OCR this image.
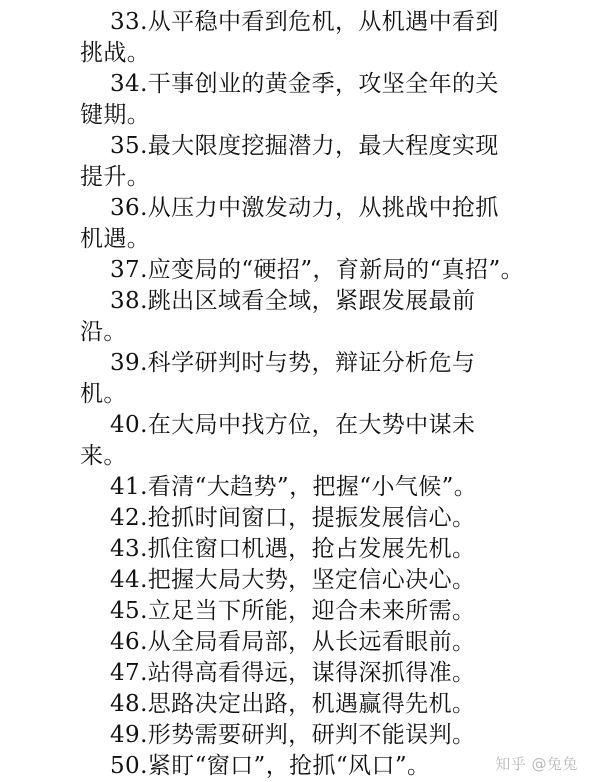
33.从平稳中看到危机，从机遇中看到
挑战。

34.干事创业的黄金季，攻坚全年的关
键期。

35.最大限度挖掘潜力，最大程度实现
提升。

36.从压力中激发动力，从挑战中抢抓
机遇。

37.应变局的“硬招”，育新局的“真招”。

38.跳出区域看全域，紧跟发展最前
沿。

39.科学研判时与势，辩证分析危与
机。

40.在大局中找方位，在大势中谋未
来。

41.看清“大趋势”，把握“小气候”。

42.抢抓时间窗口，提振发展信心。

43.抓住窗口机遇，抢占发展先机。

44.把握大局大势，坚定信心决心。

45.立足当下所能，迎合未来所需。

46.从全局看局部，从长远看眼前。

47.站得高看得远，谋得深抓得准。

48.思路决定出路，机遇赢得先机。

49.形势需要研判，研判不能误判。

50.紧盯“窗口”，抢抓“风口”。	知乎 @兔兔
